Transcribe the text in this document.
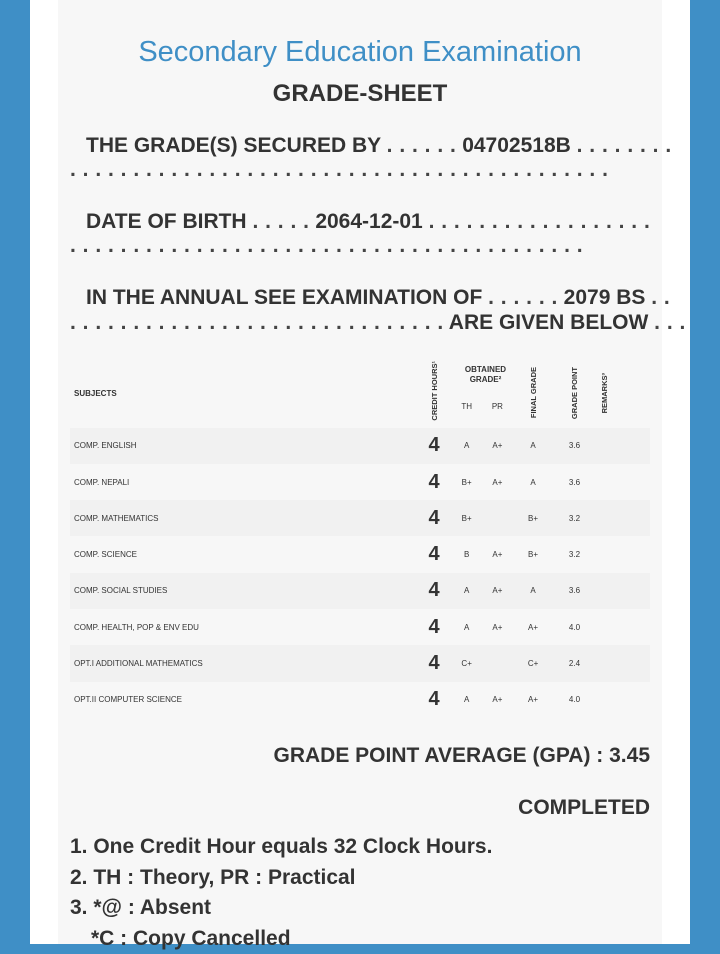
Secondary Education Examination
GRADE-SHEET
THE GRADE(S) SECURED BY . . . . . . 04702518B . . . . . . . .
. . . . . . . . . . . . . . . . . . . . . . . . . . . . . . . . . . . . . . . . . . .
DATE OF BIRTH . . . . . 2064-12-01 . . . . . . . . . . . . . . . . . .
. . . . . . . . . . . . . . . . . . . . . . . . . . . . . . . . . . . . . . . . .
IN THE ANNUAL SEE EXAMINATION OF . . . . . . 2079 BS . .
. . . . . . . . . . . . . . . . . . . . . . . . . . . . . . ARE GIVEN BELOW . . .
SUBJECTS	CREDIT HOURS¹	OBTAINED GRADE²		FINAL GRADE	GRADE POINT	REMARKS³
		TH	PR			
COMP. ENGLISH	4	A	A+	A	3.6	
COMP. NEPALI	4	B+	A+	A	3.6	
COMP. MATHEMATICS	4	B+		B+	3.2	
COMP. SCIENCE	4	B	A+	B+	3.2	
COMP. SOCIAL STUDIES	4	A	A+	A	3.6	
COMP. HEALTH, POP & ENV EDU	4	A	A+	A+	4.0	
OPT.I ADDITIONAL MATHEMATICS	4	C+		C+	2.4	
OPT.II COMPUTER SCIENCE	4	A	A+	A+	4.0	
GRADE POINT AVERAGE (GPA) : 3.45
COMPLETED
1. One Credit Hour equals 32 Clock Hours.
2. TH : Theory, PR : Practical
3. *@ : Absent
*C : Copy Cancelled
